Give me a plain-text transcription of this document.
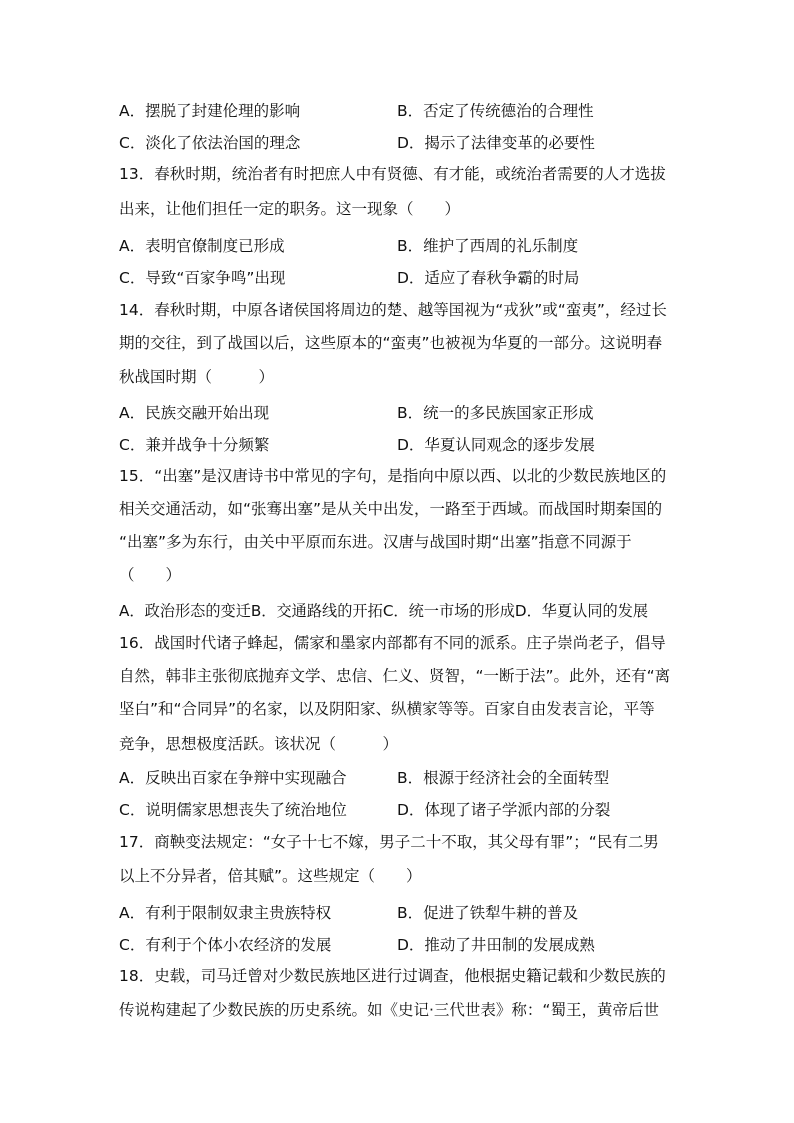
A．摆脱了封建伦理的影响	B．否定了传统德治的合理性
C．淡化了依法治国的理念	D．揭示了法律变革的必要性
13．春秋时期，统治者有时把庶人中有贤德、有才能，或统治者需要的人才选拔
出来，让他们担任一定的职务。这一现象（　　）
A．表明官僚制度已形成	B．维护了西周的礼乐制度
C．导致“百家争鸣”出现	D．适应了春秋争霸的时局
14．春秋时期，中原各诸侯国将周边的楚、越等国视为“戎狄”或“蛮夷”，经过长
期的交往，到了战国以后，这些原本的“蛮夷”也被视为华夏的一部分。这说明春
秋战国时期（　　　）
A．民族交融开始出现	B．统一的多民族国家正形成
C．兼并战争十分频繁	D．华夏认同观念的逐步发展
15．“出塞”是汉唐诗书中常见的字句，是指向中原以西、以北的少数民族地区的
相关交通活动，如“张骞出塞”是从关中出发，一路至于西域。而战国时期秦国的
“出塞”多为东行，由关中平原而东进。汉唐与战国时期“出塞”指意不同源于
（　　）
A．政治形态的变迁B．交通路线的开拓C．统一市场的形成D．华夏认同的发展
16．战国时代诸子蜂起，儒家和墨家内部都有不同的派系。庄子崇尚老子，倡导
自然，韩非主张彻底抛弃文学、忠信、仁义、贤智，“一断于法”。此外，还有“离
坚白”和“合同异”的名家，以及阴阳家、纵横家等等。百家自由发表言论，平等
竞争，思想极度活跃。该状况（　　　）
A．反映出百家在争辩中实现融合	B．根源于经济社会的全面转型
C．说明儒家思想丧失了统治地位	D．体现了诸子学派内部的分裂
17．商鞅变法规定：“女子十七不嫁，男子二十不取，其父母有罪”；“民有二男
以上不分异者，倍其赋”。这些规定（　　）
A．有利于限制奴隶主贵族特权	B．促进了铁犁牛耕的普及
C．有利于个体小农经济的发展	D．推动了井田制的发展成熟
18．史载，司马迁曾对少数民族地区进行过调查，他根据史籍记载和少数民族的
传说构建起了少数民族的历史系统。如《史记·三代世表》称：“蜀王，黄帝后世
